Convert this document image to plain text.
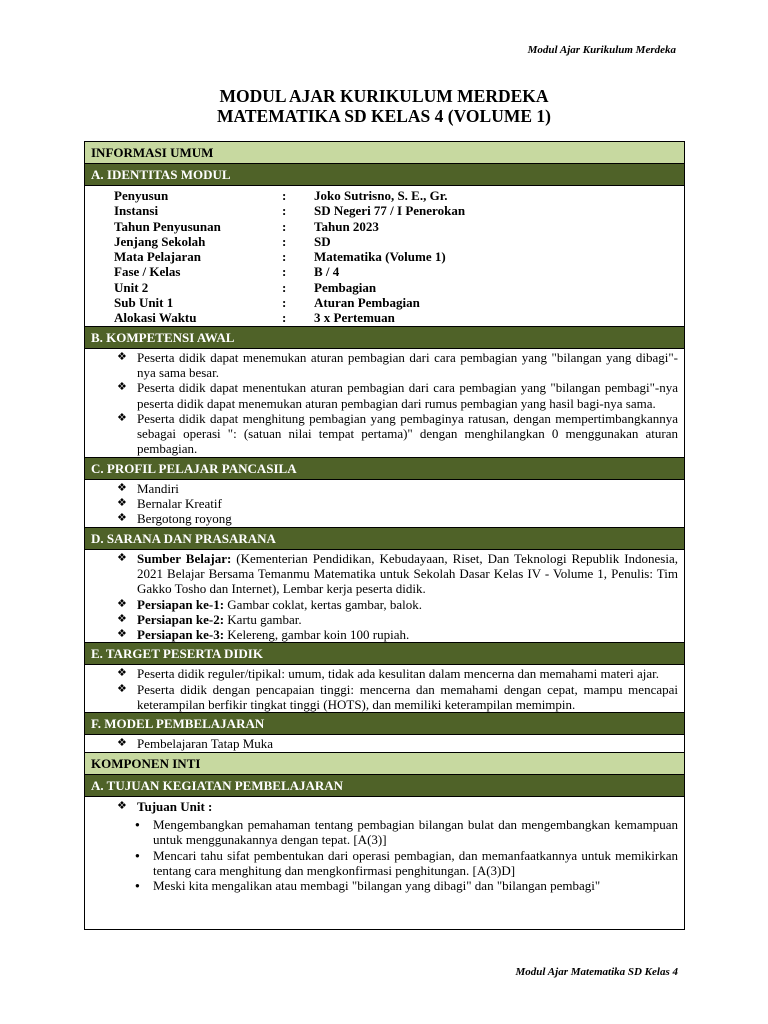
Modul Ajar Kurikulum Merdeka
MODUL AJAR KURIKULUM MERDEKA
MATEMATIKA SD KELAS 4 (VOLUME 1)
INFORMASI UMUM
A. IDENTITAS MODUL
Penyusun	:	Joko Sutrisno, S. E., Gr.
Instansi	:	SD Negeri 77 / I Penerokan
Tahun Penyusunan	:	Tahun 2023
Jenjang Sekolah	:	SD
Mata Pelajaran	:	Matematika (Volume 1)
Fase / Kelas	:	B / 4
Unit 2	:	Pembagian
Sub Unit 1	:	Aturan Pembagian
Alokasi Waktu	:	3 x Pertemuan
B. KOMPETENSI AWAL
❖ Peserta didik dapat menemukan aturan pembagian dari cara pembagian yang "bilangan yang dibagi"-nya sama besar.
❖ Peserta didik dapat menentukan aturan pembagian dari cara pembagian yang "bilangan pembagi"-nya peserta didik dapat menemukan aturan pembagian dari rumus pembagian yang hasil bagi-nya sama.
❖ Peserta didik dapat menghitung pembagian yang pembaginya ratusan, dengan mempertimbangkannya sebagai operasi ": (satuan nilai tempat pertama)" dengan menghilangkan 0 menggunakan aturan pembagian.
C. PROFIL PELAJAR PANCASILA
❖ Mandiri
❖ Bernalar Kreatif
❖ Bergotong royong
D. SARANA DAN PRASARANA
❖ Sumber Belajar: (Kementerian Pendidikan, Kebudayaan, Riset, Dan Teknologi Republik Indonesia, 2021 Belajar Bersama Temanmu Matematika untuk Sekolah Dasar Kelas IV - Volume 1, Penulis: Tim Gakko Tosho dan Internet), Lembar kerja peserta didik.
❖ Persiapan ke-1: Gambar coklat, kertas gambar, balok.
❖ Persiapan ke-2: Kartu gambar.
❖ Persiapan ke-3: Kelereng, gambar koin 100 rupiah.
E. TARGET PESERTA DIDIK
❖ Peserta didik reguler/tipikal: umum, tidak ada kesulitan dalam mencerna dan memahami materi ajar.
❖ Peserta didik dengan pencapaian tinggi: mencerna dan memahami dengan cepat, mampu mencapai keterampilan berfikir tingkat tinggi (HOTS), dan memiliki keterampilan memimpin.
F. MODEL PEMBELAJARAN
❖ Pembelajaran Tatap Muka
KOMPONEN INTI
A. TUJUAN KEGIATAN PEMBELAJARAN
❖ Tujuan Unit :
● Mengembangkan pemahaman tentang pembagian bilangan bulat dan mengembangkan kemampuan untuk menggunakannya dengan tepat. [A(3)]
● Mencari tahu sifat pembentukan dari operasi pembagian, dan memanfaatkannya untuk memikirkan tentang cara menghitung dan mengkonfirmasi penghitungan. [A(3)D]
● Meski kita mengalikan atau membagi "bilangan yang dibagi" dan "bilangan pembagi"
Modul Ajar Matematika SD Kelas 4
